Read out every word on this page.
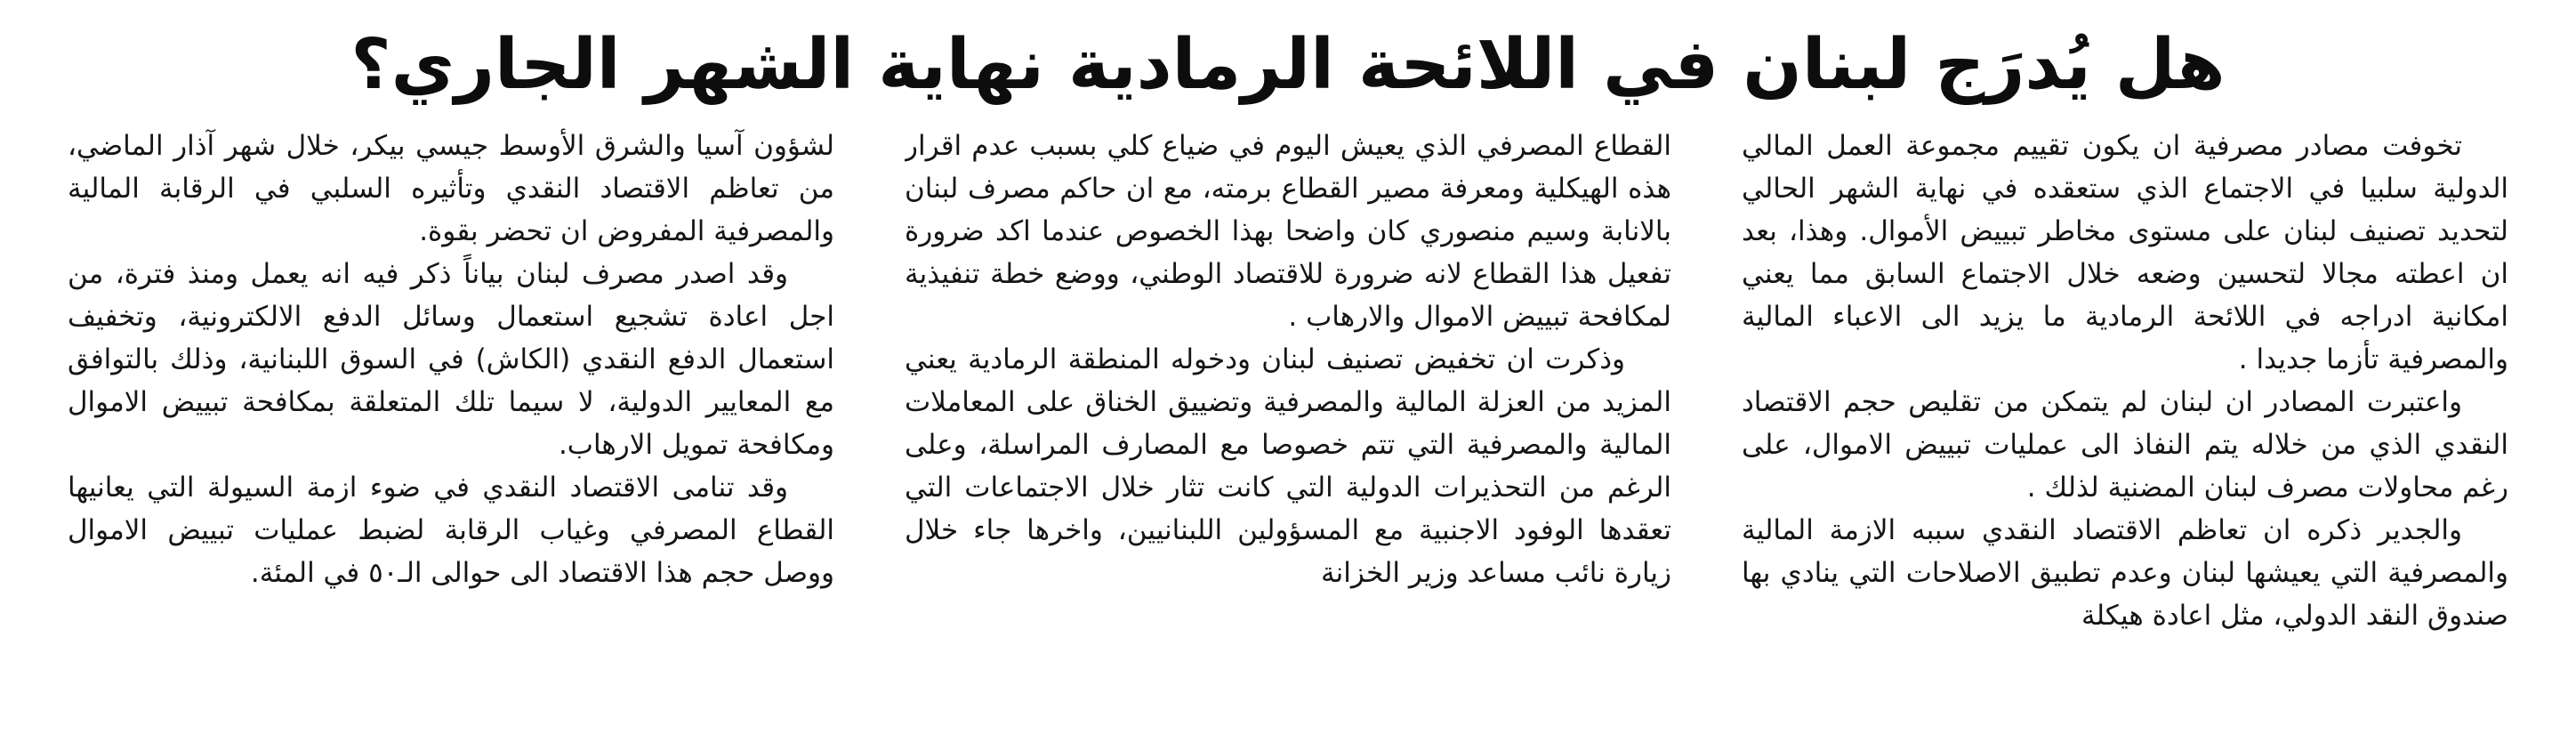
هل يُدرَج لبنان في اللائحة الرمادية نهاية الشهر الجاري؟

تخوفت مصادر مصرفية ان يكون تقييم مجموعة العمل المالي الدولية سلبيا في الاجتماع الذي ستعقده في نهاية الشهر الحالي لتحديد تصنيف لبنان على مستوى مخاطر تبييض الأموال. وهذا، بعد ان اعطته مجالا لتحسين وضعه خلال الاجتماع السابق مما يعني امكانية ادراجه في اللائحة الرمادية ما يزيد الى الاعباء المالية والمصرفية تأزما جديدا .

واعتبرت المصادر ان لبنان لم يتمكن من تقليص حجم الاقتصاد النقدي الذي من خلاله يتم النفاذ الى عمليات تبييض الاموال، على رغم محاولات مصرف لبنان المضنية لذلك .

والجدير ذكره ان تعاظم الاقتصاد النقدي سببه الازمة المالية والمصرفية التي يعيشها لبنان وعدم تطبيق الاصلاحات التي ينادي بها صندوق النقد الدولي، مثل اعادة هيكلة

القطاع المصرفي الذي يعيش اليوم في ضياع كلي بسبب عدم اقرار هذه الهيكلية ومعرفة مصير القطاع برمته، مع ان حاكم مصرف لبنان بالانابة وسيم منصوري كان واضحا بهذا الخصوص عندما اكد ضرورة تفعيل هذا القطاع لانه ضرورة للاقتصاد الوطني، ووضع خطة تنفيذية لمكافحة تبييض الاموال والارهاب .

وذكرت ان تخفيض تصنيف لبنان ودخوله المنطقة الرمادية يعني المزيد من العزلة المالية والمصرفية وتضييق الخناق على المعاملات المالية والمصرفية التي تتم خصوصا مع المصارف المراسلة، وعلى الرغم من التحذيرات الدولية التي كانت تثار خلال الاجتماعات التي تعقدها الوفود الاجنبية مع المسؤولين اللبنانيين، واخرها جاء خلال زيارة نائب مساعد وزير الخزانة

لشؤون آسيا والشرق الأوسط جيسي بيكر، خلال شهر آذار الماضي، من تعاظم الاقتصاد النقدي وتأثيره السلبي في الرقابة المالية والمصرفية المفروض ان تحضر بقوة.

وقد اصدر مصرف لبنان بياناً ذكر فيه انه يعمل ومنذ فترة، من اجل اعادة تشجيع استعمال وسائل الدفع الالكترونية، وتخفيف استعمال الدفع النقدي (الكاش) في السوق اللبنانية، وذلك بالتوافق مع المعايير الدولية، لا سيما تلك المتعلقة بمكافحة تبييض الاموال ومكافحة تمويل الارهاب.

وقد تنامى الاقتصاد النقدي في ضوء ازمة السيولة التي يعانيها القطاع المصرفي وغياب الرقابة لضبط عمليات تبييض الاموال ووصل حجم هذا الاقتصاد الى حوالى الـ٥٠ في المئة.
